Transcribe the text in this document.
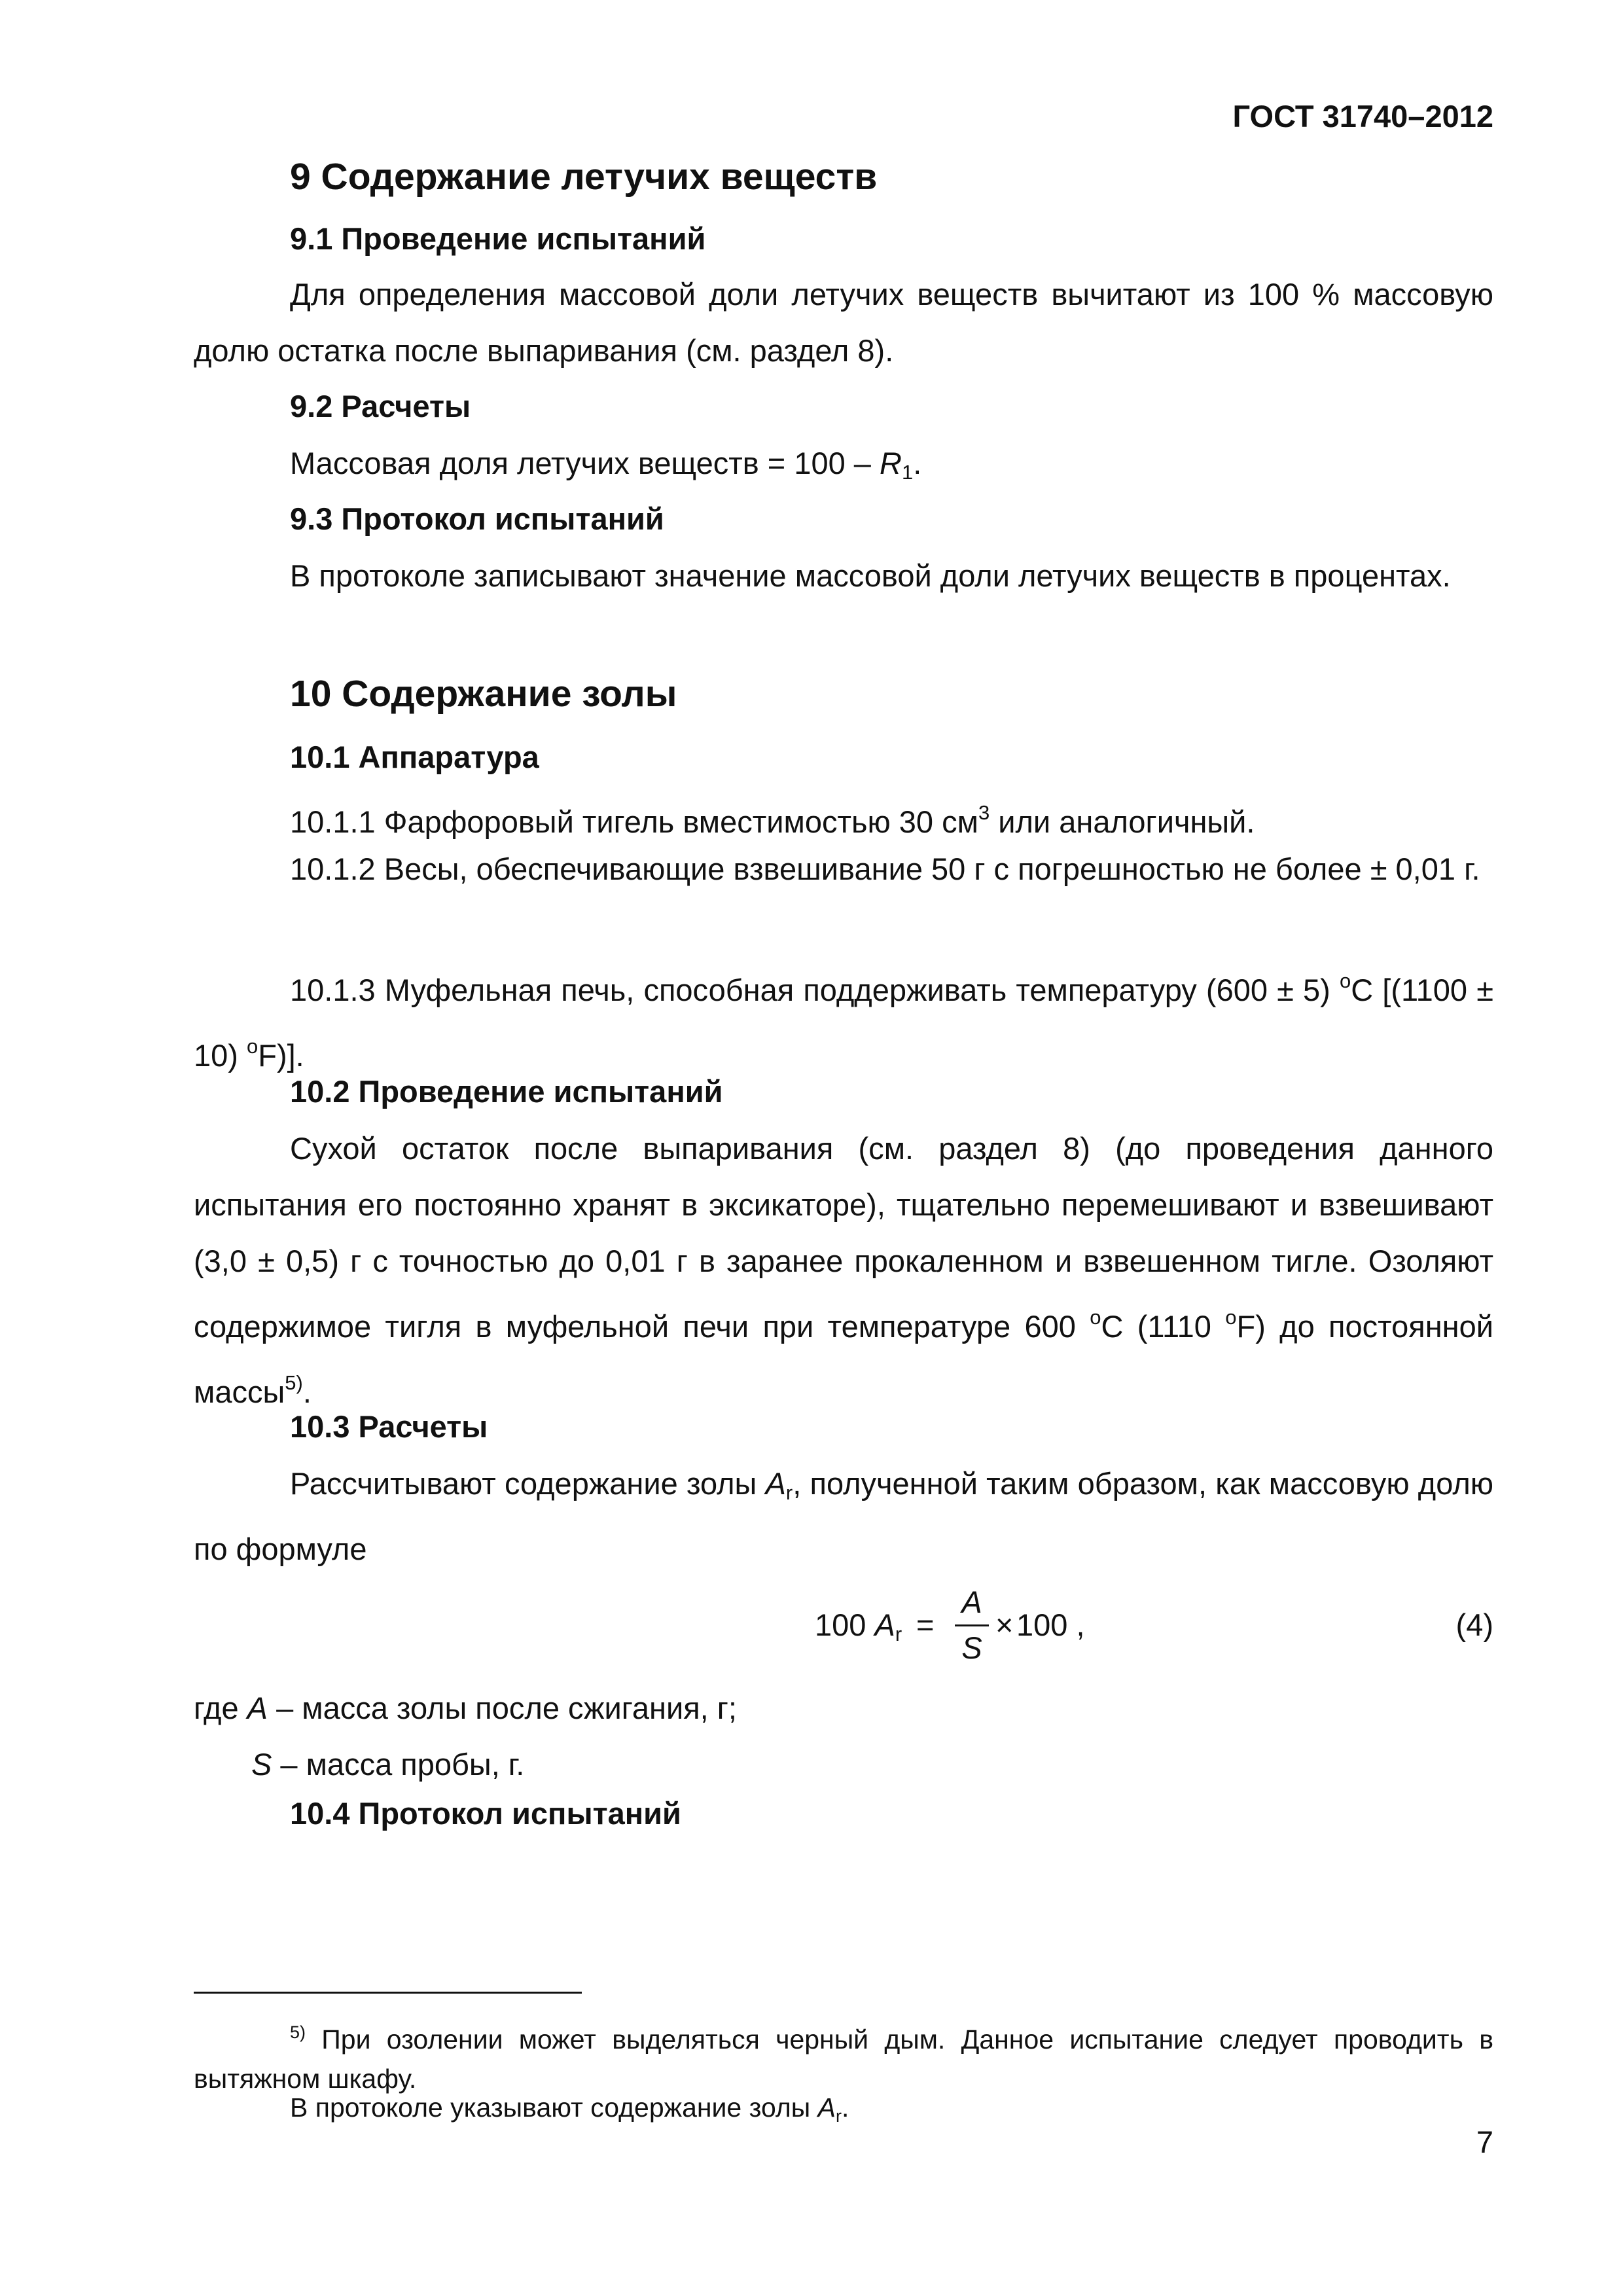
ГОСТ 31740–2012
9 Содержание летучих веществ
9.1 Проведение испытаний
Для определения массовой доли летучих веществ вычитают из 100 % массовую долю остатка после выпаривания (см. раздел 8).
9.2 Расчеты
Массовая доля летучих веществ = $100 - R_1$.
9.3 Протокол испытаний
В протоколе записывают значение массовой доли летучих веществ в процентах.
10 Содержание золы
10.1 Аппаратура
10.1.1 Фарфоровый тигель вместимостью 30 $см^3$ или аналогичный.
10.1.2 Весы, обеспечивающие взвешивание 50 г с погрешностью не более ± 0,01 г.
10.1.3 Муфельная печь, способная поддерживать температуру (600 ± 5) $^o$С [(1100 ± 10) $^o$F)].
10.2 Проведение испытаний
Сухой остаток после выпаривания (см. раздел 8) (до проведения данного испытания его постоянно хранят в эксикаторе), тщательно перемешивают и взвешивают (3,0 ± 0,5) г с точностью до 0,01 г в заранее прокаленном и взвешенном тигле. Озоляют содержимое тигля в муфельной печи при температуре 600 $^o$С (1110 $^o$F) до постоянной массы$^{5)}$.
10.3 Расчеты
Рассчитывают содержание золы $A_r$, полученной таким образом, как массовую долю по формуле
100 $A_r$ =
A
S
× 100 ,	(4)
где A – масса золы после сжигания, г;
S – масса пробы, г.
10.4 Протокол испытаний
$^{5)}$ При озолении может выделяться черный дым. Данное испытание следует проводить в вытяжном шкафу.
В протоколе указывают содержание золы $A_r$.
7
